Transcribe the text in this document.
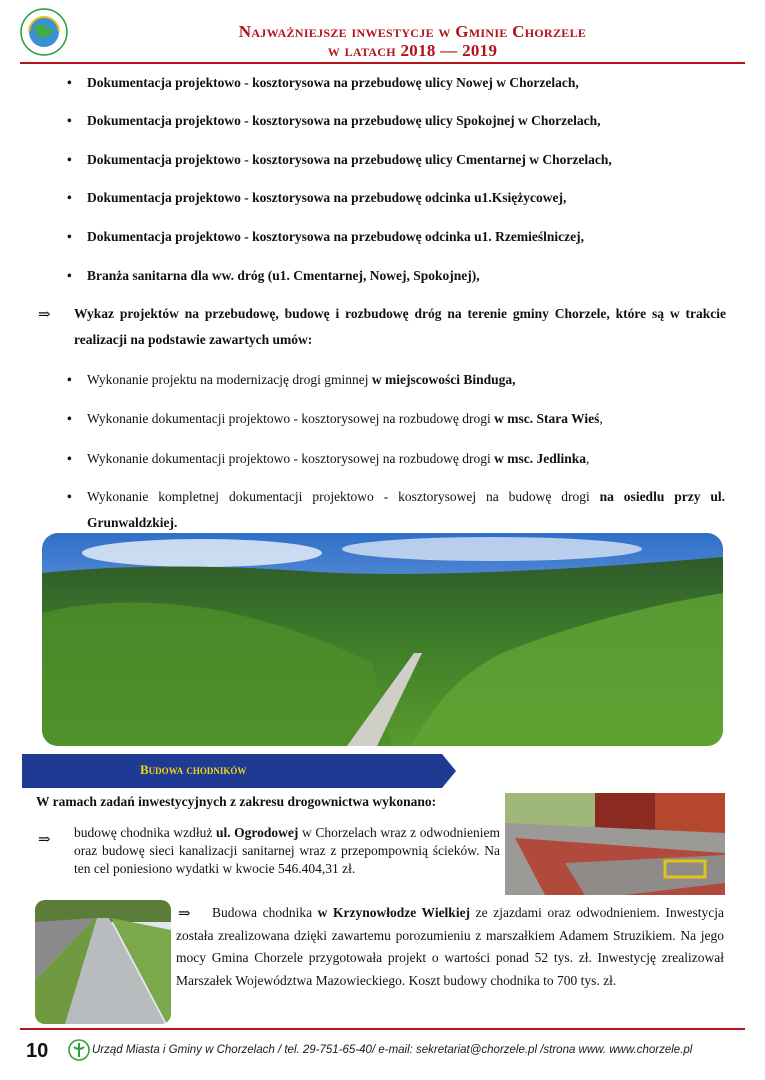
Najważniejsze inwestycje w Gminie Chorzele
w latach 2018 — 2019
• Dokumentacja projektowo - kosztorysowa na przebudowę ulicy Nowej w Chorzelach,
• Dokumentacja projektowo - kosztorysowa na przebudowę ulicy Spokojnej w Chorzelach,
• Dokumentacja projektowo - kosztorysowa na przebudowę ulicy Cmentarnej w Chorzelach,
• Dokumentacja projektowo - kosztorysowa na przebudowę odcinka u1.Księżycowej,
• Dokumentacja projektowo - kosztorysowa na przebudowę odcinka u1. Rzemieślniczej,
• Branża sanitarna dla ww. dróg (u1. Cmentarnej, Nowej, Spokojnej),
⇒ Wykaz projektów na przebudowę, budowę i rozbudowę dróg na terenie gminy Chorzele, które są w trakcie realizacji na podstawie zawartych umów:
• Wykonanie projektu na modernizację drogi gminnej w miejscowości Binduga,
• Wykonanie dokumentacji projektowo - kosztorysowej na rozbudowę drogi w msc. Stara Wieś,
• Wykonanie dokumentacji projektowo - kosztorysowej na rozbudowę drogi w msc. Jedlinka,
• Wykonanie kompletnej dokumentacji projektowo - kosztorysowej na budowę drogi na osiedlu przy ul. Grunwaldzkiej.
Budowa chodników
W ramach zadań inwestycyjnych z zakresu drogownictwa wykonano:
⇒ budowę chodnika wzdłuż ul. Ogrodowej w Chorzelach wraz z odwodnieniem oraz budowę sieci kanalizacji sanitarnej wraz z przepompownią ścieków. Na ten cel poniesiono wydatki w kwocie 546.404,31 zł.
⇒	Budowa chodnika w Krzynowłodze Wielkiej ze zjazdami oraz odwodnieniem. Inwestycja została zrealizowana dzięki zawartemu porozumieniu z marszałkiem Adamem Struzikiem. Na jego mocy Gmina Chorzele przygotowała projekt o wartości ponad 52 tys. zł. Inwestycję zrealizował Marszałek Województwa Mazowieckiego. Koszt budowy chodnika to 700 tys. zł.
10	Urząd Miasta i Gminy w Chorzelach / tel. 29-751-65-40/ e-mail: sekretariat@chorzele.pl /strona www. www.chorzele.pl
